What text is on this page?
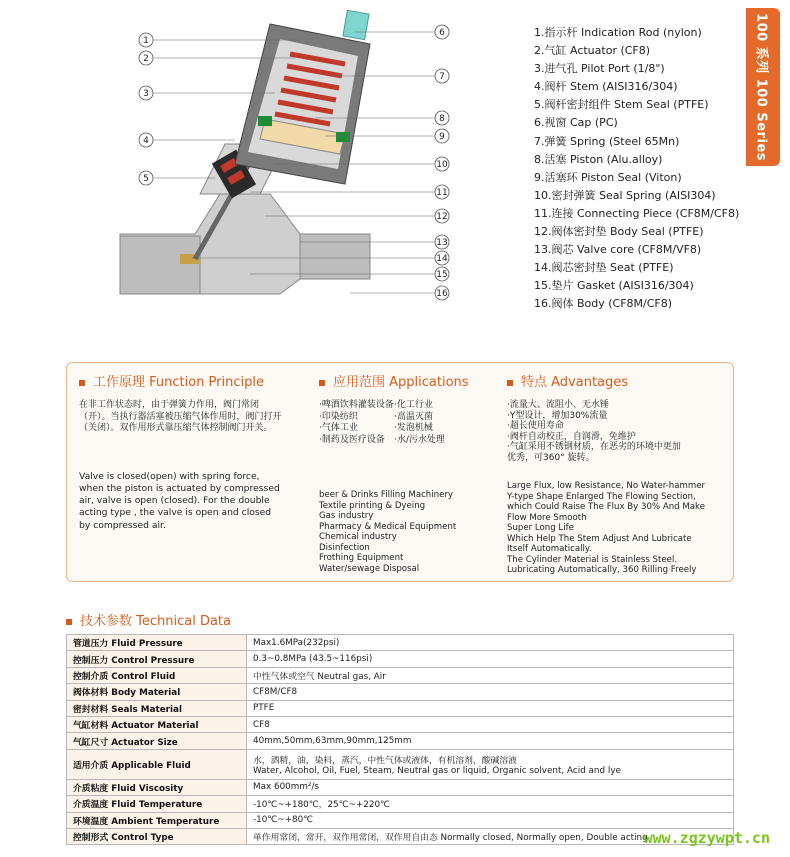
100 系列 100 Series
1
2
3
4
5
6
7
8
9
10
11
12
13
14
15
16
1.指示杆 Indication Rod (nylon)
2.气缸 Actuator (CF8)
3.进气孔 Pilot Port (1/8")
4.阀杆 Stem (AISI316/304)
5.阀杆密封组件 Stem Seal (PTFE)
6.视窗 Cap (PC)
7.弹簧 Spring (Steel 65Mn)
8.活塞 Piston (Alu.alloy)
9.活塞环 Piston Seal (Viton)
10.密封弹簧 Seal Spring (AISI304)
11.连接 Connecting Piece (CF8M/CF8)
12.阀体密封垫 Body Seal (PTFE)
13.阀芯 Valve core (CF8M/VF8)
14.阀芯密封垫 Seat (PTFE)
15.垫片 Gasket (AISI316/304)
16.阀体 Body (CF8M/CF8)
工作原理 Function Principle

在非工作状态时，由于弹簧力作用，阀门常闭（开）。当执行器活塞被压缩气体作用时，阀门打开（关闭）。双作用形式靠压缩气体控制阀门开关。

Valve is closed(open) with spring force, when the piston is actuated by compressed air, valve is open (closed). For the double acting type , the valve is open and closed by compressed air.

应用范围 Applications
·啤酒饮料灌装设备 ·化工行业
·印染纺织	·高温灭菌
·气体工业	·发泡机械
·制药及医疗设备	·水/污水处理
beer & Drinks Filling Machinery
Textile printing & Dyeing
Gas industry
Pharmacy & Medical Equipment
Chemical industry
Disinfection
Frothing Equipment
Water/sewage Disposal
特点 Advantages
·流量大、流阻小、无水锤
·Y型设计，增加30%流量
·超长使用寿命
·阀杆自动校正，自润滑，免维护
·气缸采用不锈钢材质，在恶劣的环境中更加
优秀，可360° 旋转。
Large Flux, low Resistance, No Water-hammer
Y-type Shape Enlarged The Flowing Section,
which Could Raise The Flux By 30% And Make
Flow More Smooth
Super Long Life
Which Help The Stem Adjust And Lubricate
Itself Automatically.
The Cylinder Material is Stainless Steel.
Lubricating Automatically, 360 Rilling Freely
技术参数 Technical Data
管道压力 Fluid Pressure	Max1.6MPa(232psi)
控制压力 Control Pressure	0.3~0.8MPa (43.5~116psi)
控制介质 Control Fluid	中性气体或空气 Neutral gas, Air
阀体材料 Body Material	CF8M/CF8
密封材料 Seals Material	PTFE
气缸材料 Actuator Material	CF8
气缸尺寸 Actuator Size	40mm,50mm,63mm,90mm,125mm
适用介质 Applicable Fluid	水，酒精，油，染料，蒸汽，中性气体或液体，有机溶剂，酸碱溶液
Water, Alcohol, Oil, Fuel, Steam, Neutral gas or liquid, Organic solvent, Acid and lye

介质粘度 Fluid Viscosity	Max 600mm²/s
介质温度 Fluid Temperature	-10℃~+180℃，25℃~+220℃
环境温度 Ambient Temperature	-10℃~+80℃
控制形式 Control Type	单作用常闭，常开，双作用常闭，双作用自由态 Normally closed, Normally open, Double acting
www.zgzywpt.cn
